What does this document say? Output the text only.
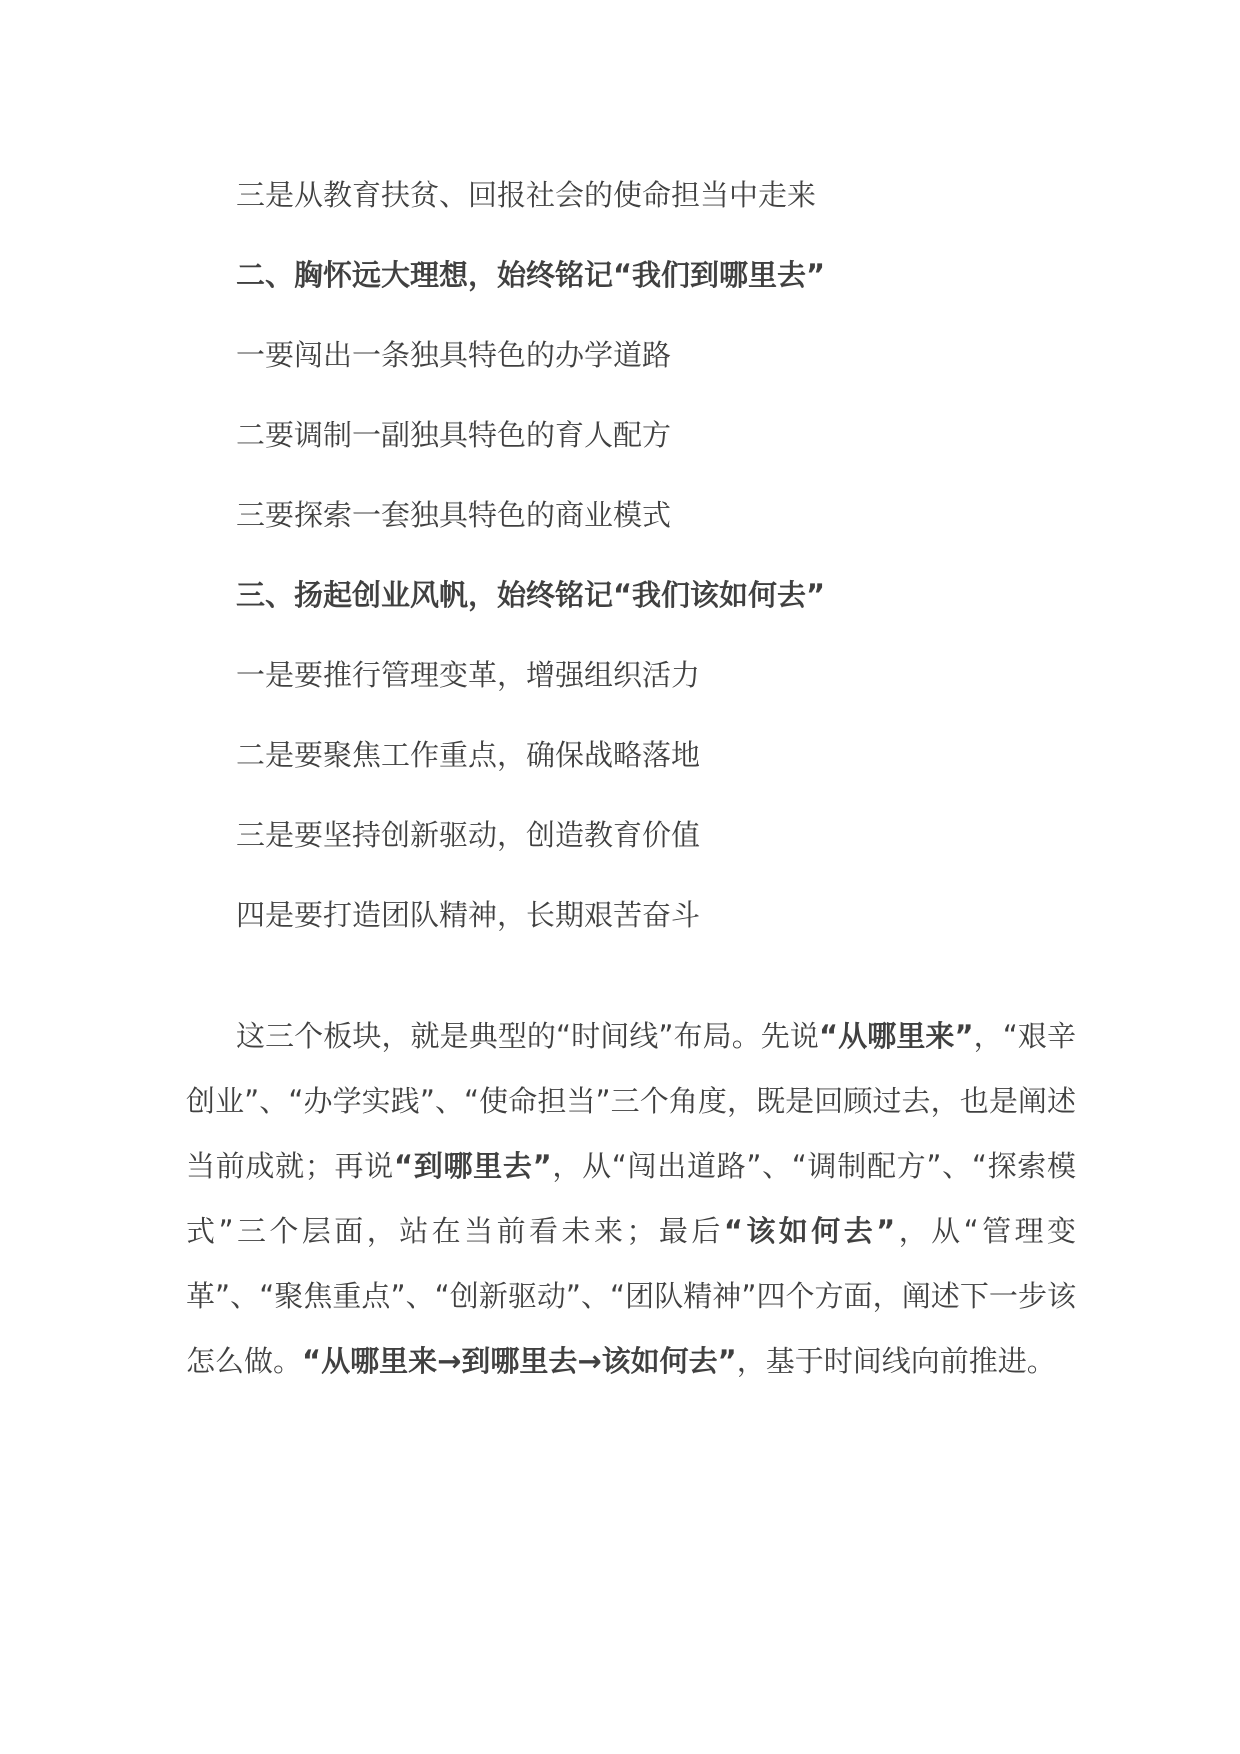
三是从教育扶贫、回报社会的使命担当中走来
二、胸怀远大理想，始终铭记“我们到哪里去”
一要闯出一条独具特色的办学道路
二要调制一副独具特色的育人配方
三要探索一套独具特色的商业模式
三、扬起创业风帆，始终铭记“我们该如何去”
一是要推行管理变革，增强组织活力
二是要聚焦工作重点，确保战略落地
三是要坚持创新驱动，创造教育价值
四是要打造团队精神，长期艰苦奋斗

这三个板块，就是典型的“时间线”布局。先说“从哪里来”，“艰辛创业”、“办学实践”、“使命担当”三个角度，既是回顾过去，也是阐述当前成就；再说“到哪里去”，从“闯出道路”、“调制配方”、“探索模式”三个层面，站在当前看未来；最后“该如何去”，从“管理变革”、“聚焦重点”、“创新驱动”、“团队精神”四个方面，阐述下一步该怎么做。“从哪里来→到哪里去→该如何去”，基于时间线向前推进。
